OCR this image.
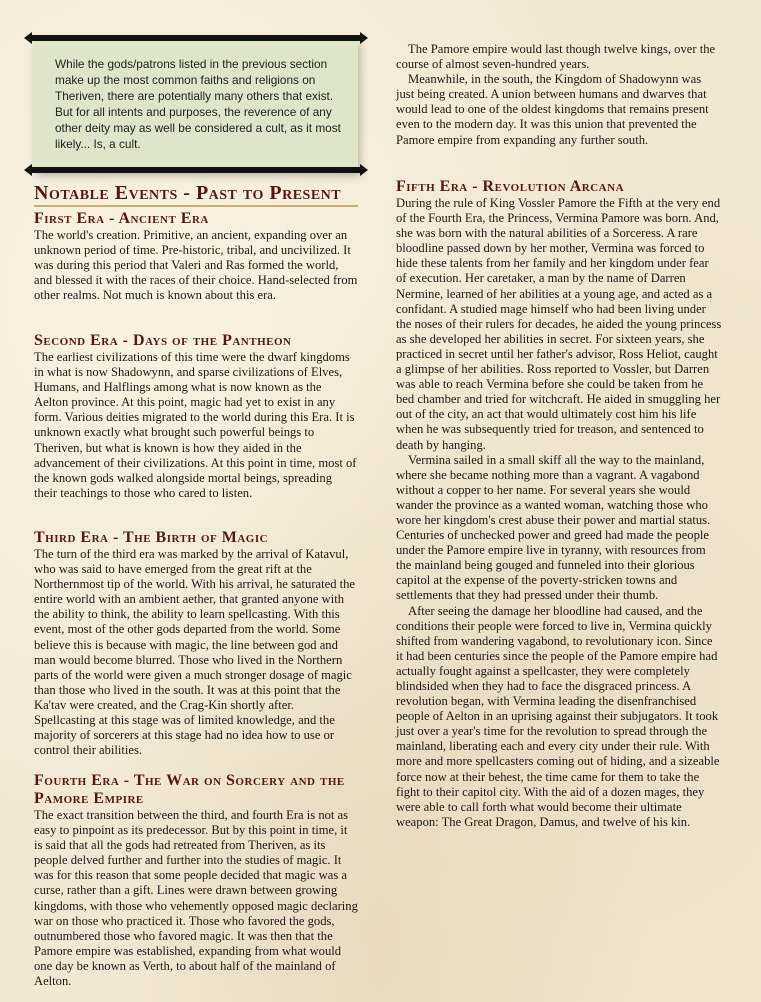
While the gods/patrons listed in the previous section make up the most common faiths and religions on Theriven, there are potentially many others that exist. But for all intents and purposes, the reverence of any other deity may as well be considered a cult, as it most likely... Is, a cult.
Notable Events - Past to Present
First Era - Ancient Era

The world's creation. Primitive, an ancient, expanding over an unknown period of time. Pre-historic, tribal, and uncivilized. It was during this period that Valeri and Ras formed the world, and blessed it with the races of their choice. Hand-selected from other realms. Not much is known about this era.

Second Era - Days of the Pantheon

The earliest civilizations of this time were the dwarf kingdoms in what is now Shadowynn, and sparse civilizations of Elves, Humans, and Halflings among what is now known as the Aelton province. At this point, magic had yet to exist in any form. Various deities migrated to the world during this Era. It is unknown exactly what brought such powerful beings to Theriven, but what is known is how they aided in the advancement of their civilizations. At this point in time, most of the known gods walked alongside mortal beings, spreading their teachings to those who cared to listen.

Third Era - The Birth of Magic

The turn of the third era was marked by the arrival of Katavul, who was said to have emerged from the great rift at the Northernmost tip of the world. With his arrival, he saturated the entire world with an ambient aether, that granted anyone with the ability to think, the ability to learn spellcasting. With this event, most of the other gods departed from the world. Some believe this is because with magic, the line between god and man would become blurred. Those who lived in the Northern parts of the world were given a much stronger dosage of magic than those who lived in the south. It was at this point that the Ka'tav were created, and the Crag-Kin shortly after. Spellcasting at this stage was of limited knowledge, and the majority of sorcerers at this stage had no idea how to use or control their abilities.

Fourth Era - The War on Sorcery and the Pamore Empire

The exact transition between the third, and fourth Era is not as easy to pinpoint as its predecessor. But by this point in time, it is said that all the gods had retreated from Theriven, as its people delved further and further into the studies of magic. It was for this reason that some people decided that magic was a curse, rather than a gift. Lines were drawn between growing kingdoms, with those who vehemently opposed magic declaring war on those who practiced it. Those who favored the gods, outnumbered those who favored magic. It was then that the Pamore empire was established, expanding from what would one day be known as Verth, to about half of the mainland of Aelton.

The Pamore empire would last though twelve kings, over the course of almost seven-hundred years.

Meanwhile, in the south, the Kingdom of Shadowynn was just being created. A union between humans and dwarves that would lead to one of the oldest kingdoms that remains present even to the modern day. It was this union that prevented the Pamore empire from expanding any further south.

Fifth Era - Revolution Arcana

During the rule of King Vossler Pamore the Fifth at the very end of the Fourth Era, the Princess, Vermina Pamore was born. And, she was born with the natural abilities of a Sorceress. A rare bloodline passed down by her mother, Vermina was forced to hide these talents from her family and her kingdom under fear of execution. Her caretaker, a man by the name of Darren Nermine, learned of her abilities at a young age, and acted as a confidant. A studied mage himself who had been living under the noses of their rulers for decades, he aided the young princess as she developed her abilities in secret. For sixteen years, she practiced in secret until her father's advisor, Ross Heliot, caught a glimpse of her abilities. Ross reported to Vossler, but Darren was able to reach Vermina before she could be taken from he bed chamber and tried for witchcraft. He aided in smuggling her out of the city, an act that would ultimately cost him his life when he was subsequently tried for treason, and sentenced to death by hanging.

Vermina sailed in a small skiff all the way to the mainland, where she became nothing more than a vagrant. A vagabond without a copper to her name. For several years she would wander the province as a wanted woman, watching those who wore her kingdom's crest abuse their power and martial status. Centuries of unchecked power and greed had made the people under the Pamore empire live in tyranny, with resources from the mainland being gouged and funneled into their glorious capitol at the expense of the poverty-stricken towns and settlements that they had pressed under their thumb.

After seeing the damage her bloodline had caused, and the conditions their people were forced to live in, Vermina quickly shifted from wandering vagabond, to revolutionary icon. Since it had been centuries since the people of the Pamore empire had actually fought against a spellcaster, they were completely blindsided when they had to face the disgraced princess. A revolution began, with Vermina leading the disenfranchised people of Aelton in an uprising against their subjugators. It took just over a year's time for the revolution to spread through the mainland, liberating each and every city under their rule. With more and more spellcasters coming out of hiding, and a sizeable force now at their behest, the time came for them to take the fight to their capitol city. With the aid of a dozen mages, they were able to call forth what would become their ultimate weapon: The Great Dragon, Damus, and twelve of his kin.
